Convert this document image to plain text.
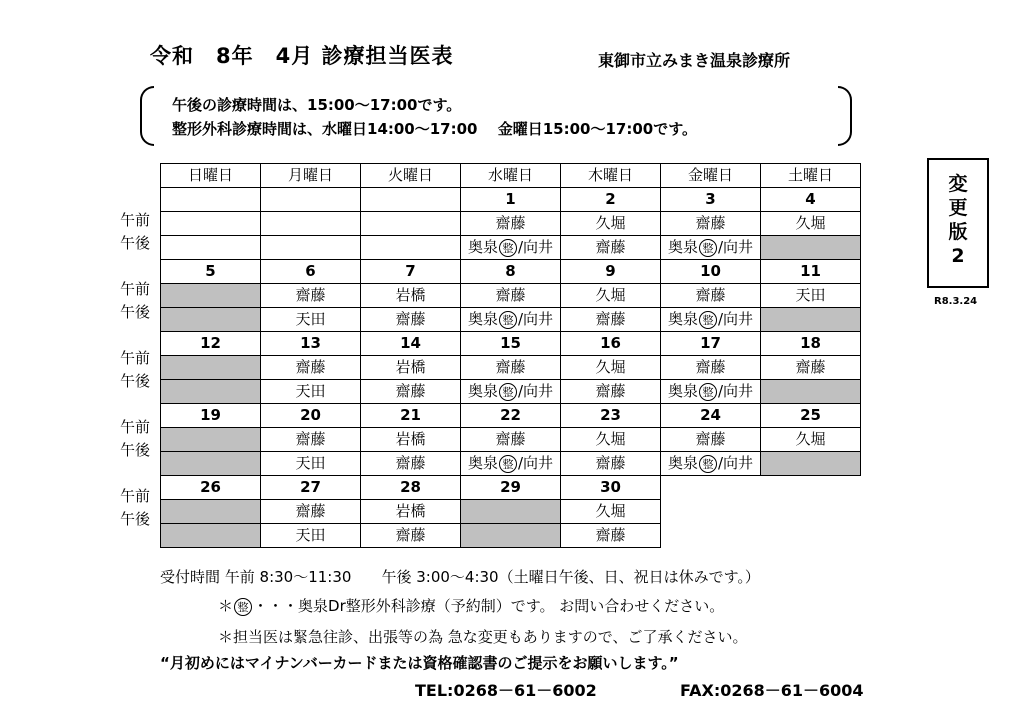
令和　8年　4月 診療担当医表	東御市立みまき温泉診療所
午後の診療時間は、15:00～17:00です。
整形外科診療時間は、水曜日14:00～17:00　 金曜日15:00～17:00です。
変
更
版
2
R8.3.24
午前
午後
午前
午後
午前
午後
午前
午後
午前
午後
日曜日	月曜日	火曜日	水曜日	木曜日	金曜日	土曜日
			1	2	3	4
			齋藤	久堀	齋藤	久堀
			奥泉 整 /向井	齋藤	奥泉 整 /向井	
5	6	7	8	9	10	11
	齋藤	岩橋	齋藤	久堀	齋藤	天田
	天田	齋藤	奥泉 整 /向井	齋藤	奥泉 整 /向井	
12	13	14	15	16	17	18
	齋藤	岩橋	齋藤	久堀	齋藤	齋藤
	天田	齋藤	奥泉 整 /向井	齋藤	奥泉 整 /向井	
19	20	21	22	23	24	25
	齋藤	岩橋	齋藤	久堀	齋藤	久堀
	天田	齋藤	奥泉 整 /向井	齋藤	奥泉 整 /向井	
26	27	28	29	30		
	齋藤	岩橋		久堀		
	天田	齋藤		齋藤		
受付時間 午前 8:30～11:30　　午後 3:00～4:30（土曜日午後、日、祝日は休みです。）
＊ 整 ・・・奥泉Dr整形外科診療（予約制）です。 お問い合わせください。
＊担当医は緊急往診、出張等の為 急な変更もありますので、ご了承ください。
“月初めにはマイナンバーカードまたは資格確認書のご提示をお願いします。”
TEL:0268－61－6002	FAX:0268－61－6004
